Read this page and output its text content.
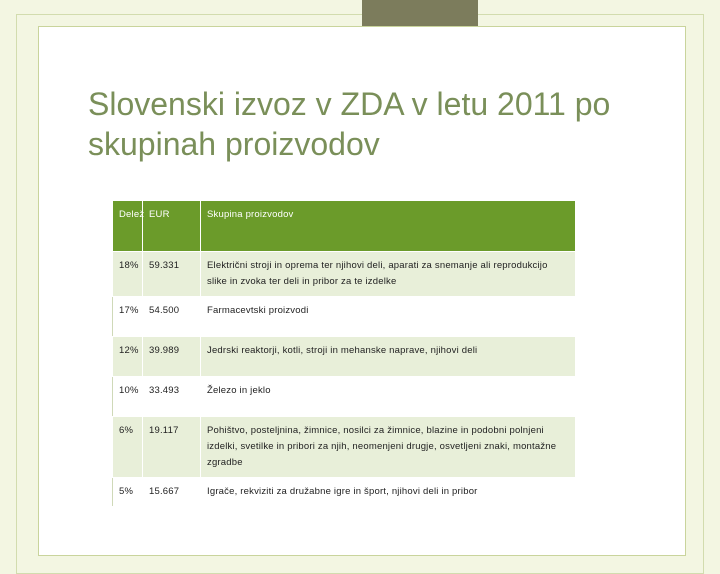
Slovenski izvoz v ZDA v letu 2011 po skupinah proizvodov
Delež	EUR	Skupina proizvodov
18%	59.331	Električni stroji in oprema ter njihovi deli, aparati za snemanje ali reprodukcijo slike in zvoka ter deli in pribor za te izdelke
17%	54.500	Farmacevtski proizvodi
12%	39.989	Jedrski reaktorji, kotli, stroji in mehanske naprave, njihovi deli
10%	33.493	Železo in jeklo
6%	19.117	Pohištvo, posteljnina, žimnice, nosilci za žimnice, blazine in podobni polnjeni izdelki, svetilke in pribori za njih, neomenjeni drugje, osvetljeni znaki, montažne zgradbe
5%	15.667	Igrače, rekviziti za družabne igre in šport, njihovi deli in pribor
